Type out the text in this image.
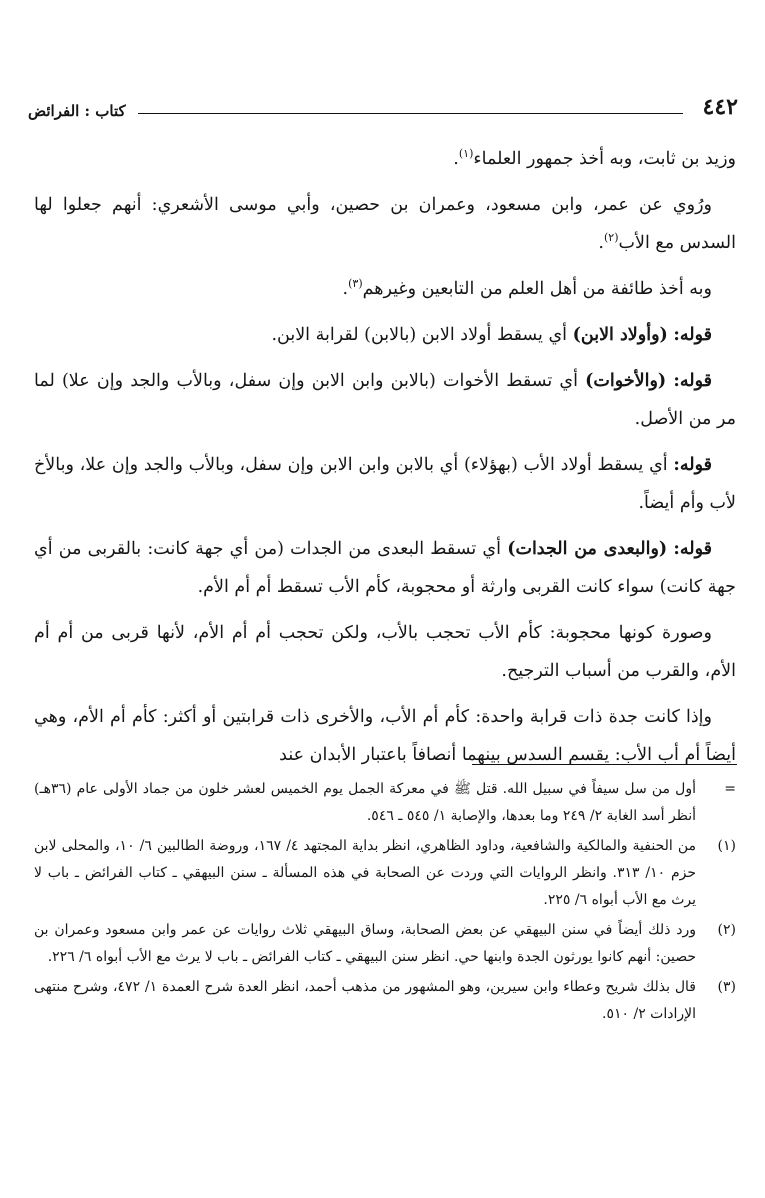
٤٤٢
كتاب : الفرائض

وزيد بن ثابت، وبه أخذ جمهور العلماء$^{(١)}$.

ورُوي عن عمر، وابن مسعود، وعمران بن حصين، وأبي موسى الأشعري: أنهم جعلوا لها السدس مع الأب$^{(٢)}$.

وبه أخذ طائفة من أهل العلم من التابعين وغيرهم$^{(٣)}$.

قوله: (وأولاد الابن) أي يسقط أولاد الابن (بالابن) لقرابة الابن.

قوله: (والأخوات) أي تسقط الأخوات (بالابن وابن الابن وإن سفل، وبالأب والجد وإن علا) لما مر من الأصل.

قوله: أي يسقط أولاد الأب (بهؤلاء) أي بالابن وابن الابن وإن سفل، وبالأب والجد وإن علا، وبالأخ لأب وأم أيضاً.

قوله: (والبعدى من الجدات) أي تسقط البعدى من الجدات (من أي جهة كانت: بالقربى من أي جهة كانت) سواء كانت القربى وارثة أو محجوبة، كأم الأب تسقط أم أم الأم.

وصورة كونها محجوبة: كأم الأب تحجب بالأب، ولكن تحجب أم أم الأم، لأنها قربى من أم أم الأم، والقرب من أسباب الترجيح.

وإذا كانت جدة ذات قرابة واحدة: كأم أم الأب، والأخرى ذات قرابتين أو أكثر: كأم أم الأم، وهي أيضاً أم أب الأب: يقسم السدس بينهما أنصافاً باعتبار الأبدان عند

=
أول من سل سيفاً في سبيل الله. قتل ﷺ في معركة الجمل يوم الخميس لعشر خلون من جماد الأولى عام (٣٦هـ) أنظر أسد الغابة ٢/ ٢٤٩ وما بعدها، والإصابة ١/ ٥٤٥ ـ ٥٤٦.
(١)
من الحنفية والمالكية والشافعية، وداود الظاهري، انظر بداية المجتهد ٤/ ١٦٧، وروضة الطالبين ٦/ ١٠، والمحلى لابن حزم ١٠/ ٣١٣. وانظر الروايات التي وردت عن الصحابة في هذه المسألة ـ سنن البيهقي ـ كتاب الفرائض ـ باب لا يرث مع الأب أبواه ٦/ ٢٢٥.
(٢)
ورد ذلك أيضاً في سنن البيهقي عن بعض الصحابة، وساق البيهقي ثلاث روايات عن عمر وابن مسعود وعمران بن حصين: أنهم كانوا يورثون الجدة وابنها حي. انظر سنن البيهقي ـ كتاب الفرائض ـ باب لا يرث مع الأب أبواه ٦/ ٢٢٦.
(٣)
قال بذلك شريح وعطاء وابن سيرين، وهو المشهور من مذهب أحمد، انظر العدة شرح العمدة ١/ ٤٧٢، وشرح منتهى الإرادات ٢/ ٥١٠.
